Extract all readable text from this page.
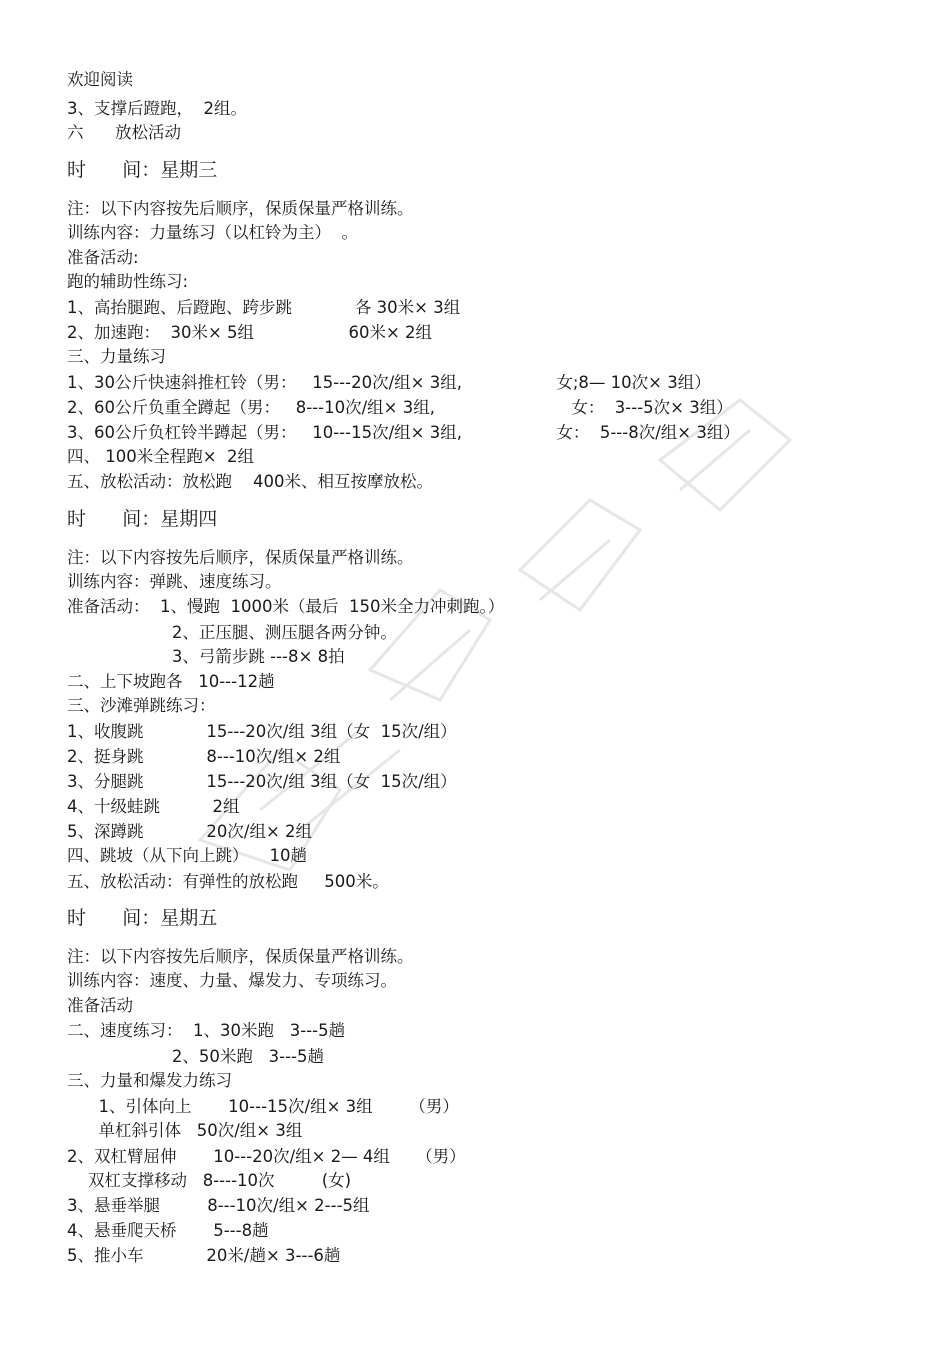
欢迎阅读
3、支撑后蹬跑，  2组。
六      放松活动
时      间：星期三
注：以下内容按先后顺序，保质保量严格训练。
训练内容：力量练习（以杠铃为主）  。
准备活动:
跑的辅助性练习:
1、高抬腿跑、后蹬跑、跨步跳            各 30米× 3组
2、加速跑：  30米× 5组                  60米× 2组
三、力量练习
1、30公斤快速斜推杠铃（男：   15---20次/组× 3组,                  女;8— 10次× 3组）
2、60公斤负重全蹲起（男：   8---10次/组× 3组,                          女：  3---5次× 3组）
3、60公斤负杠铃半蹲起（男：   10---15次/组× 3组,                  女：  5---8次/组× 3组）
四、 100米全程跑×  2组
五、放松活动：放松跑    400米、相互按摩放松。
时      间：星期四
注：以下内容按先后顺序，保质保量严格训练。
训练内容：弹跳、速度练习。
准备活动：  1、慢跑  1000米（最后  150米全力冲刺跑。）
2、正压腿、测压腿各两分钟。
3、弓箭步跳 ---8× 8拍
二、上下坡跑各   10---12趟
三、沙滩弹跳练习：
1、收腹跳            15---20次/组 3组（女  15次/组）
2、挺身跳            8---10次/组× 2组
3、分腿跳            15---20次/组 3组（女  15次/组）
4、十级蛙跳          2组
5、深蹲跳            20次/组× 2组
四、跳坡（从下向上跳）    10趟
五、放松活动：有弹性的放松跑     500米。
时      间：星期五
注：以下内容按先后顺序，保质保量严格训练。
训练内容：速度、力量、爆发力、专项练习。
准备活动
二、速度练习：  1、30米跑   3---5趟
2、50米跑   3---5趟
三、力量和爆发力练习
1、引体向上       10---15次/组× 3组       （男）
单杠斜引体   50次/组× 3组
2、双杠臂屈伸       10---20次/组× 2— 4组     （男）
双杠支撑移动   8----10次         (女)
3、悬垂举腿         8---10次/组× 2---5组
4、悬垂爬天桥       5---8趟
5、推小车            20米/趟× 3---6趟
